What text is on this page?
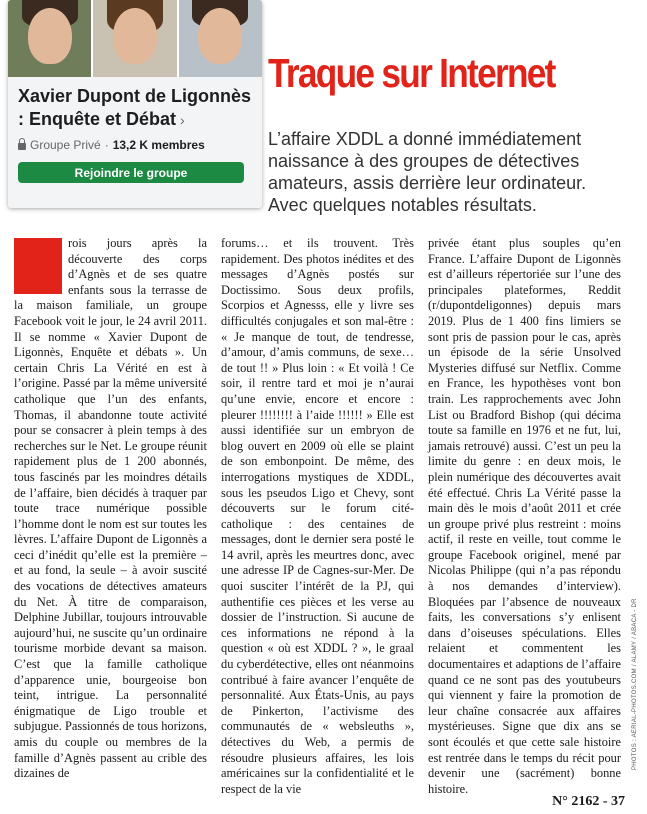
Xavier Dupont de Ligonnès : Enquête et Débat ›
Groupe Privé · 13,2 K membres
Rejoindre le groupe
Traque sur Internet

L’affaire XDDL a donné immédiatement naissance à des groupes de détectives amateurs, assis derrière leur ordinateur. Avec quelques notables résultats.

T	rois jours après la découverte des corps d’Agnès et de ses quatre enfants sous la terrasse de la maison familiale, un groupe Facebook voit le jour, le 24 avril 2011. Il se nomme « Xavier Dupont de Ligonnès, Enquête et débats ». Un certain Chris La Vérité en est à l’origine. Passé par la même université catholique que l’un des enfants, Thomas, il abandonne toute activité pour se consacrer à plein temps à des recherches sur le Net. Le groupe réunit rapidement plus de 1 200 abonnés, tous fascinés par les moindres détails de l’affaire, bien décidés à traquer par toute trace numérique possible l’homme dont le nom est sur toutes les lèvres. L’affaire Dupont de Ligonnès a ceci d’inédit qu’elle est la première – et au fond, la seule – à avoir suscité des vocations de détectives amateurs du Net. À titre de comparaison, Delphine Jubillar, toujours introuvable aujourd’hui, ne suscite qu’un ordinaire tourisme morbide devant sa maison. C’est que la famille catholique d’apparence unie, bourgeoise bon teint, intrigue. La personnalité énigmatique de Ligo trouble et subjugue. Passionnés de tous horizons, amis du couple ou membres de la famille d’Agnès passent au crible des dizaines de

forums… et ils trouvent. Très rapidement. Des photos inédites et des messages d’Agnès postés sur Doctissimo. Sous deux profils, Scorpios et Agnesss, elle y livre ses difficultés conjugales et son mal-être : « Je manque de tout, de tendresse, d’amour, d’amis communs, de sexe… de tout !! » Plus loin : « Et voilà ! Ce soir, il rentre tard et moi je n’aurai qu’une envie, encore et encore : pleurer !!!!!!!! à l’aide !!!!!! » Elle est aussi identifiée sur un embryon de blog ouvert en 2009 où elle se plaint de son embonpoint. De même, des interrogations mystiques de XDDL, sous les pseudos Ligo et Chevy, sont découverts sur le forum cité-catholique : des centaines de messages, dont le dernier sera posté le 14 avril, après les meurtres donc, avec une adresse IP de Cagnes-sur-Mer. De quoi susciter l’intérêt de la PJ, qui authentifie ces pièces et les verse au dossier de l’instruction. Si aucune de ces informations ne répond à la question « où est XDDL ? », le graal du cyberdétective, elles ont néanmoins contribué à faire avancer l’enquête de personnalité. Aux États-Unis, au pays de Pinkerton, l’activisme des communautés de « websleuths », détectives du Web, a permis de résoudre plusieurs affaires, les lois américaines sur la confidentialité et le respect de la vie

privée étant plus souples qu’en France. L’affaire Dupont de Ligonnès est d’ailleurs répertoriée sur l’une des principales plateformes, Reddit (r/dupontdeligonnes) depuis mars 2019. Plus de 1 400 fins limiers se sont pris de passion pour le cas, après un épisode de la série Unsolved Mysteries diffusé sur Netflix. Comme en France, les hypothèses vont bon train. Les rapprochements avec John List ou Bradford Bishop (qui décima toute sa famille en 1976 et ne fut, lui, jamais retrouvé) aussi. C’est un peu la limite du genre : en deux mois, le plein numérique des découvertes avait été effectué. Chris La Vérité passe la main dès le mois d’août 2011 et crée un groupe privé plus restreint : moins actif, il reste en veille, tout comme le groupe Facebook originel, mené par Nicolas Philippe (qui n’a pas répondu à nos demandes d’interview). Bloquées par l’absence de nouveaux faits, les conversations s’y enlisent dans d’oiseuses spéculations. Elles relaient et commentent les documentaires et adaptions de l’affaire quand ce ne sont pas des youtubeurs qui viennent y faire la promotion de leur chaîne consacrée aux affaires mystérieuses. Signe que dix ans se sont écoulés et que cette sale histoire est rentrée dans le temps du récit pour devenir une (sacrément) bonne histoire.

PHOTOS : AERIAL-PHOTOS.COM / ALAMY / ABACA - DR
N° 2162 - 37
